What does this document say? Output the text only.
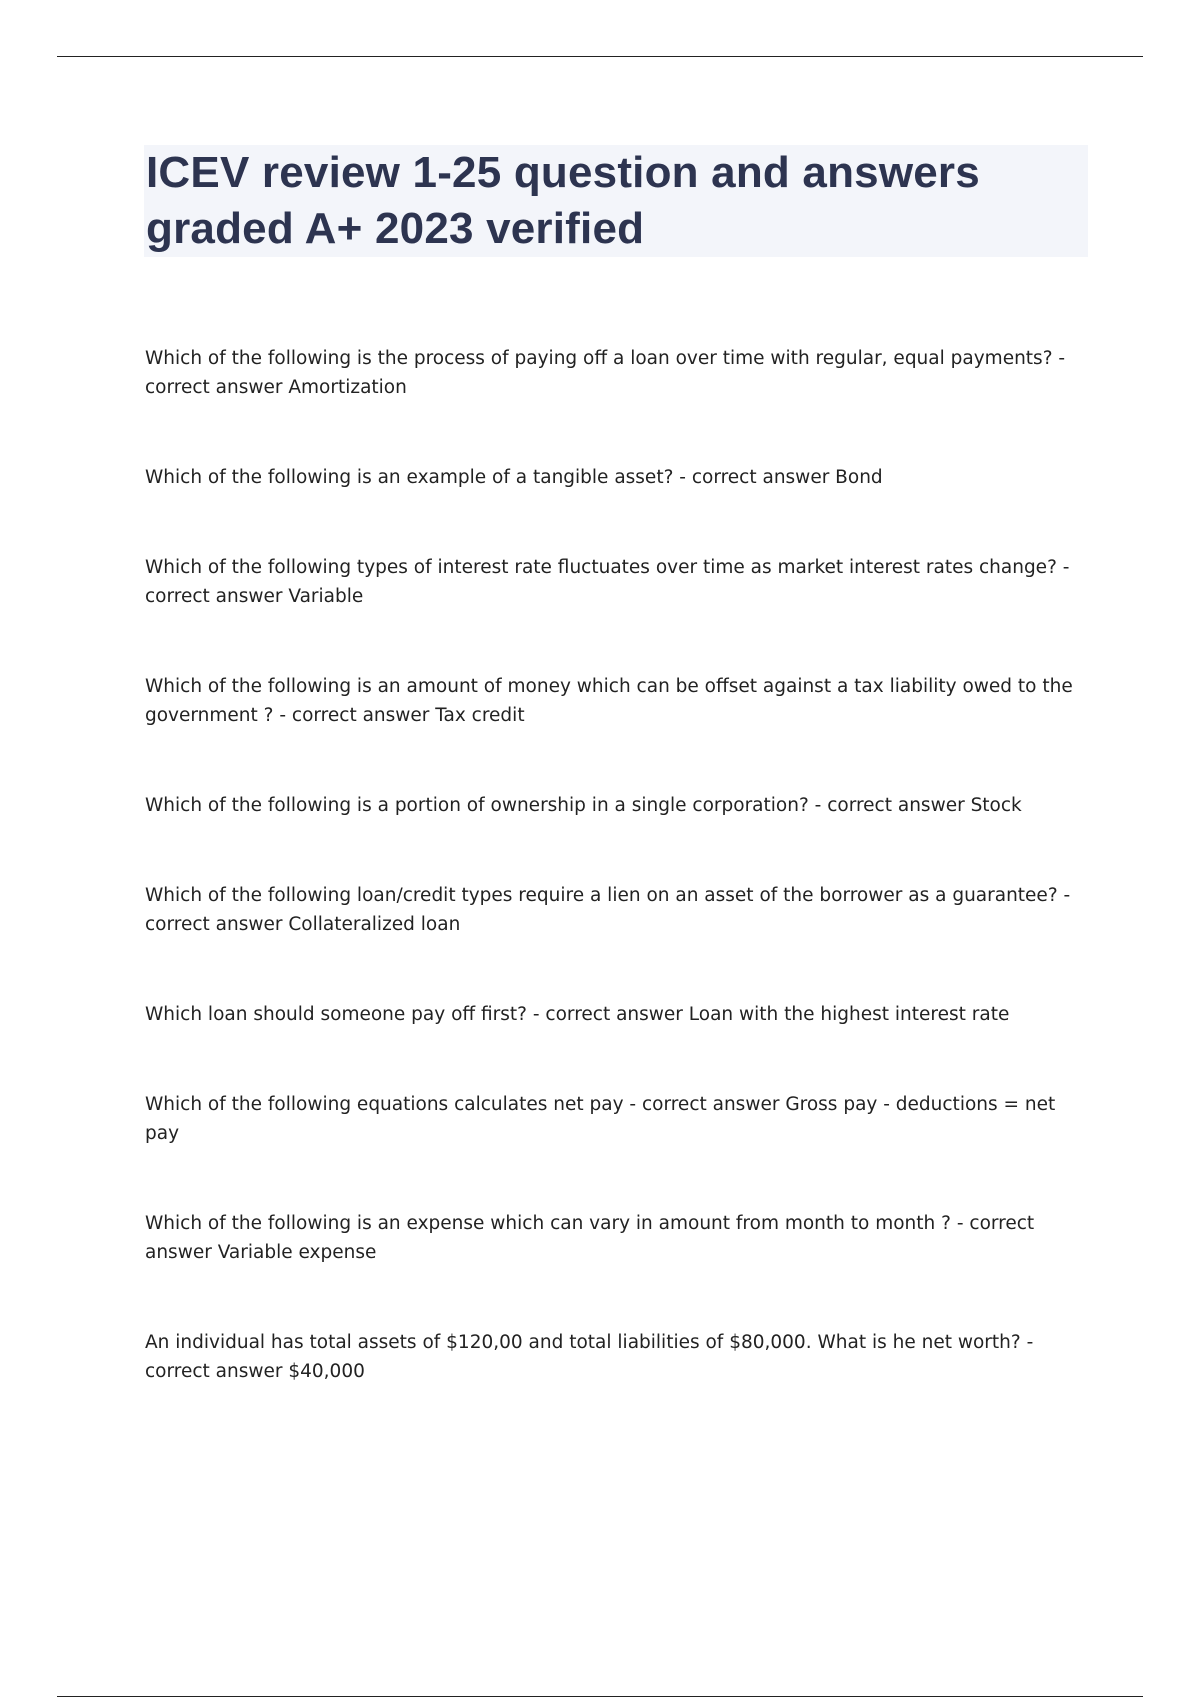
ICEV review 1-25 question and answers graded A+ 2023 verified
Which of the following is the process of paying off a loan over time with regular, equal payments? - correct answer Amortization
Which of the following is an example of a tangible asset? - correct answer Bond
Which of the following types of interest rate fluctuates over time as market interest rates change? - correct answer Variable
Which of the following is an amount of money which can be offset against a tax liability owed to the government ? - correct answer Tax credit
Which of the following is a portion of ownership in a single corporation? - correct answer Stock
Which of the following loan/credit types require a lien on an asset of the borrower as a guarantee? - correct answer Collateralized loan
Which loan should someone pay off first? - correct answer Loan with the highest interest rate
Which of the following equations calculates net pay - correct answer Gross pay - deductions = net pay
Which of the following is an expense which can vary in amount from month to month ? - correct answer Variable expense
An individual has total assets of $120,00 and total liabilities of $80,000. What is he net worth? - correct answer $40,000
